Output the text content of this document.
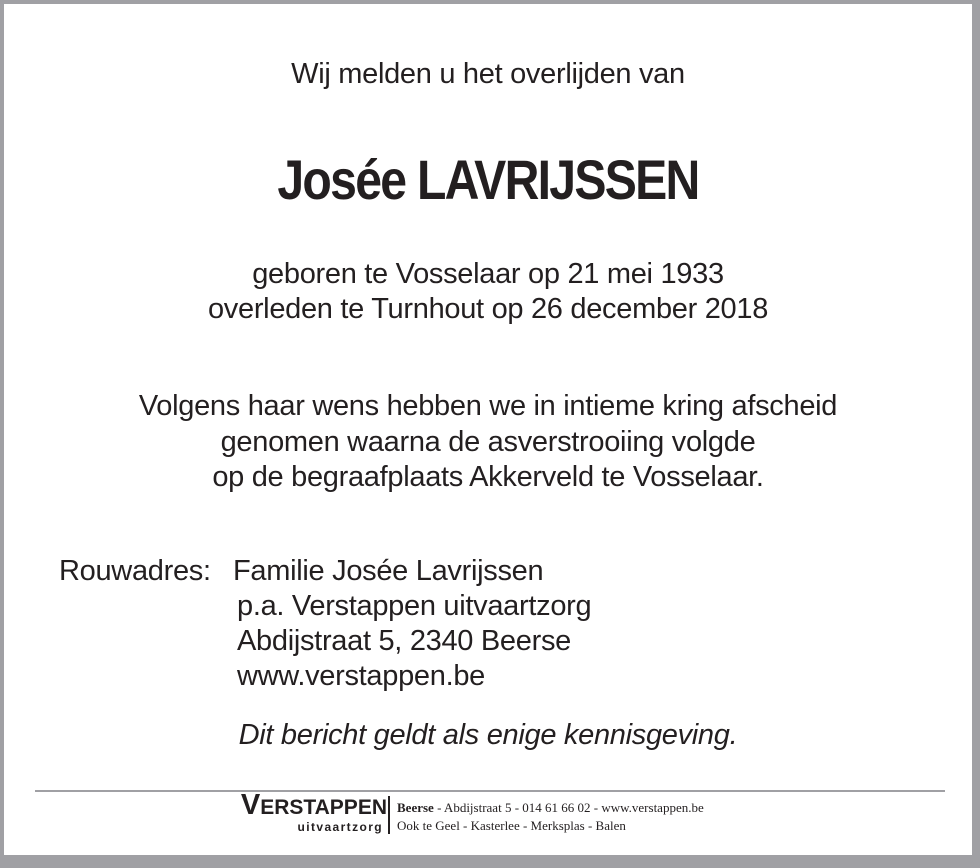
Wij melden u het overlijden van
Josée LAVRIJSSEN
geboren te Vosselaar op 21 mei 1933
overleden te Turnhout op 26 december 2018
Volgens haar wens hebben we in intieme kring afscheid
genomen waarna de asverstrooiing volgde
op de begraafplaats Akkerveld te Vosselaar.
Rouwadres: Familie Josée Lavrijssen
p.a. Verstappen uitvaartzorg
Abdijstraat 5, 2340 Beerse
www.verstappen.be
Dit bericht geldt als enige kennisgeving.
VERSTAPPEN
uitvaartzorg
Beerse - Abdijstraat 5 - 014 61 66 02 - www.verstappen.be
Ook te Geel - Kasterlee - Merksplas - Balen
